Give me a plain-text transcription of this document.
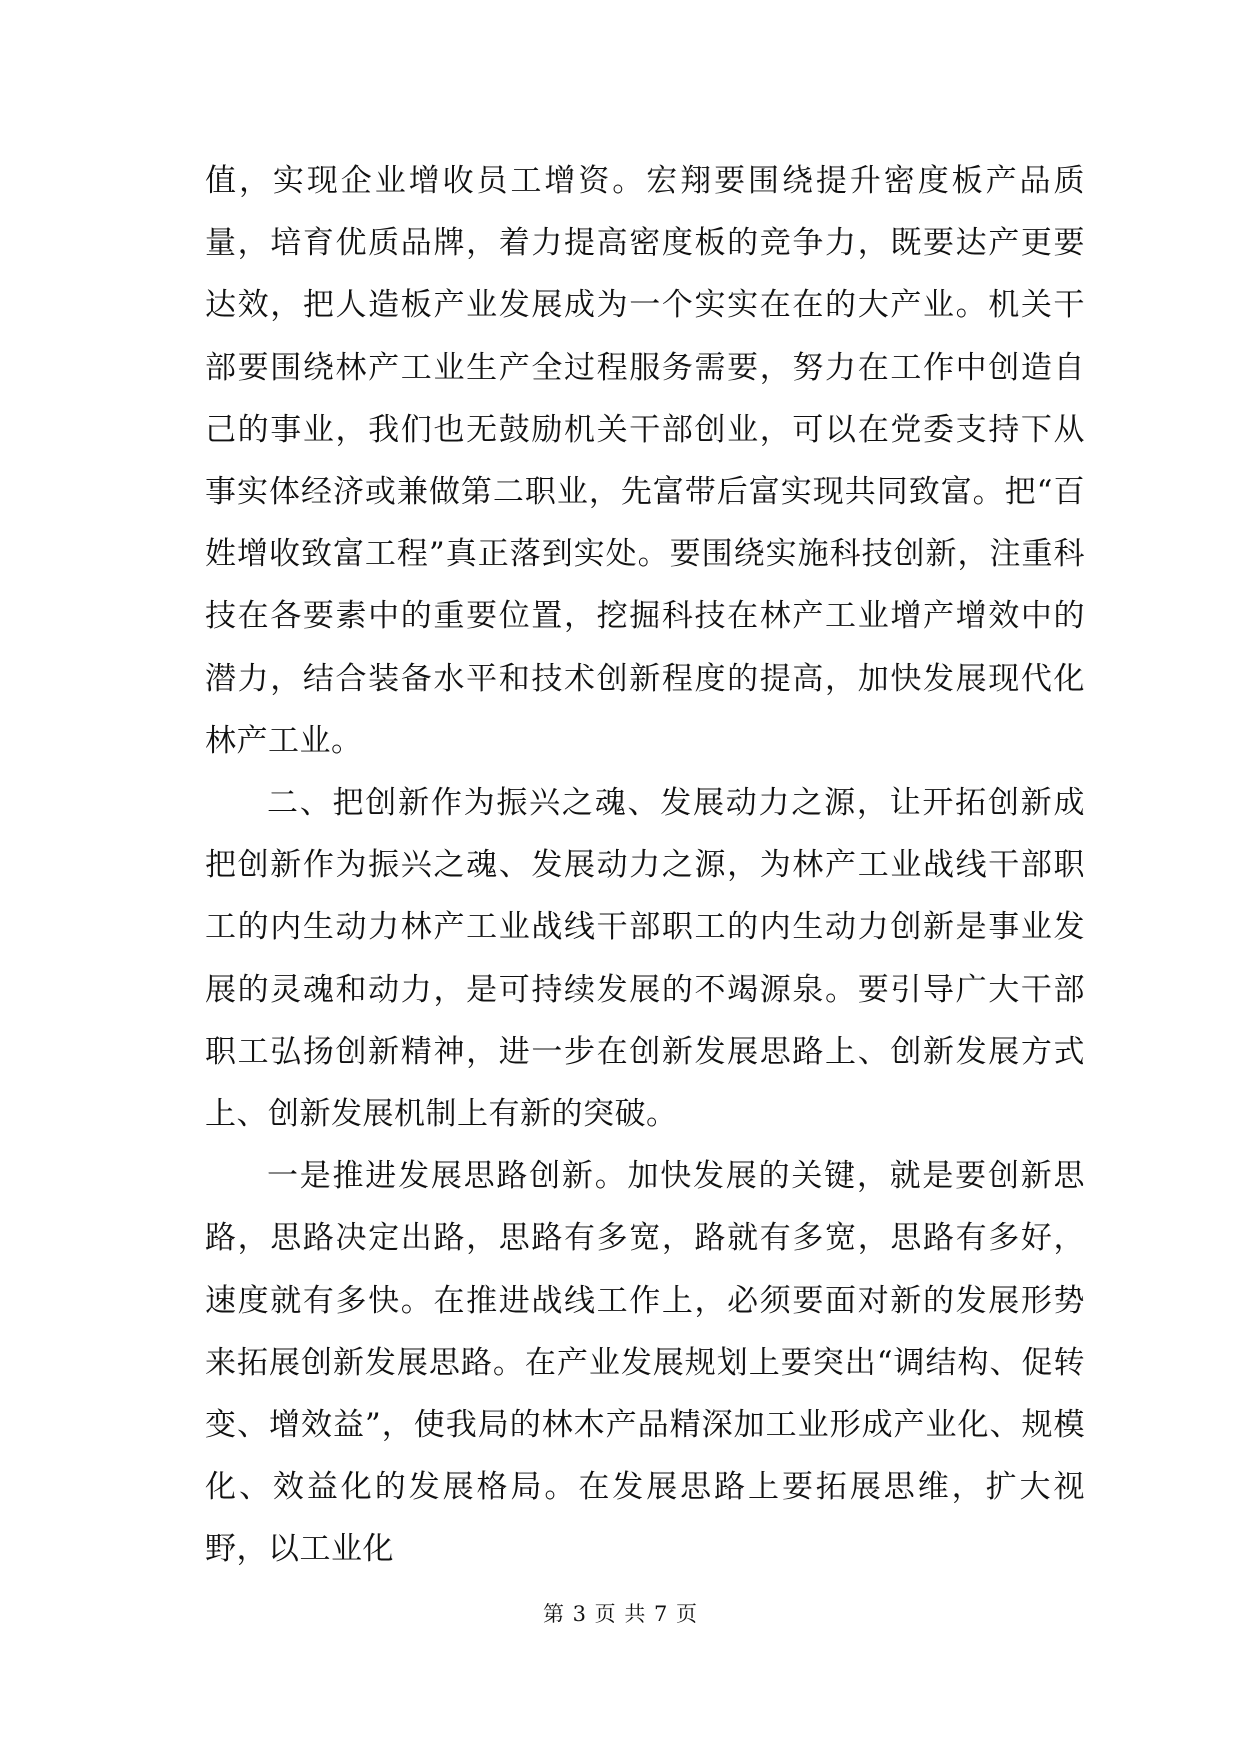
值，实现企业增收员工增资。宏翔要围绕提升密度板产品质量，培育优质品牌，着力提高密度板的竞争力，既要达产更要达效，把人造板产业发展成为一个实实在在的大产业。机关干部要围绕林产工业生产全过程服务需要，努力在工作中创造自己的事业，我们也无鼓励机关干部创业，可以在党委支持下从事实体经济或兼做第二职业，先富带后富实现共同致富。把“百姓增收致富工程”真正落到实处。要围绕实施科技创新，注重科技在各要素中的重要位置，挖掘科技在林产工业增产增效中的潜力，结合装备水平和技术创新程度的提高，加快发展现代化林产工业。

二、把创新作为振兴之魂、发展动力之源，让开拓创新成把创新作为振兴之魂、发展动力之源，为林产工业战线干部职工的内生动力林产工业战线干部职工的内生动力创新是事业发展的灵魂和动力，是可持续发展的不竭源泉。要引导广大干部职工弘扬创新精神，进一步在创新发展思路上、创新发展方式上、创新发展机制上有新的突破。

一是推进发展思路创新。加快发展的关键，就是要创新思路，思路决定出路，思路有多宽，路就有多宽，思路有多好，速度就有多快。在推进战线工作上，必须要面对新的发展形势来拓展创新发展思路。在产业发展规划上要突出“调结构、促转变、增效益”，使我局的林木产品精深加工业形成产业化、规模化、效益化的发展格局。在发展思路上要拓展思维，扩大视野，以工业化

第 3 页 共 7 页
